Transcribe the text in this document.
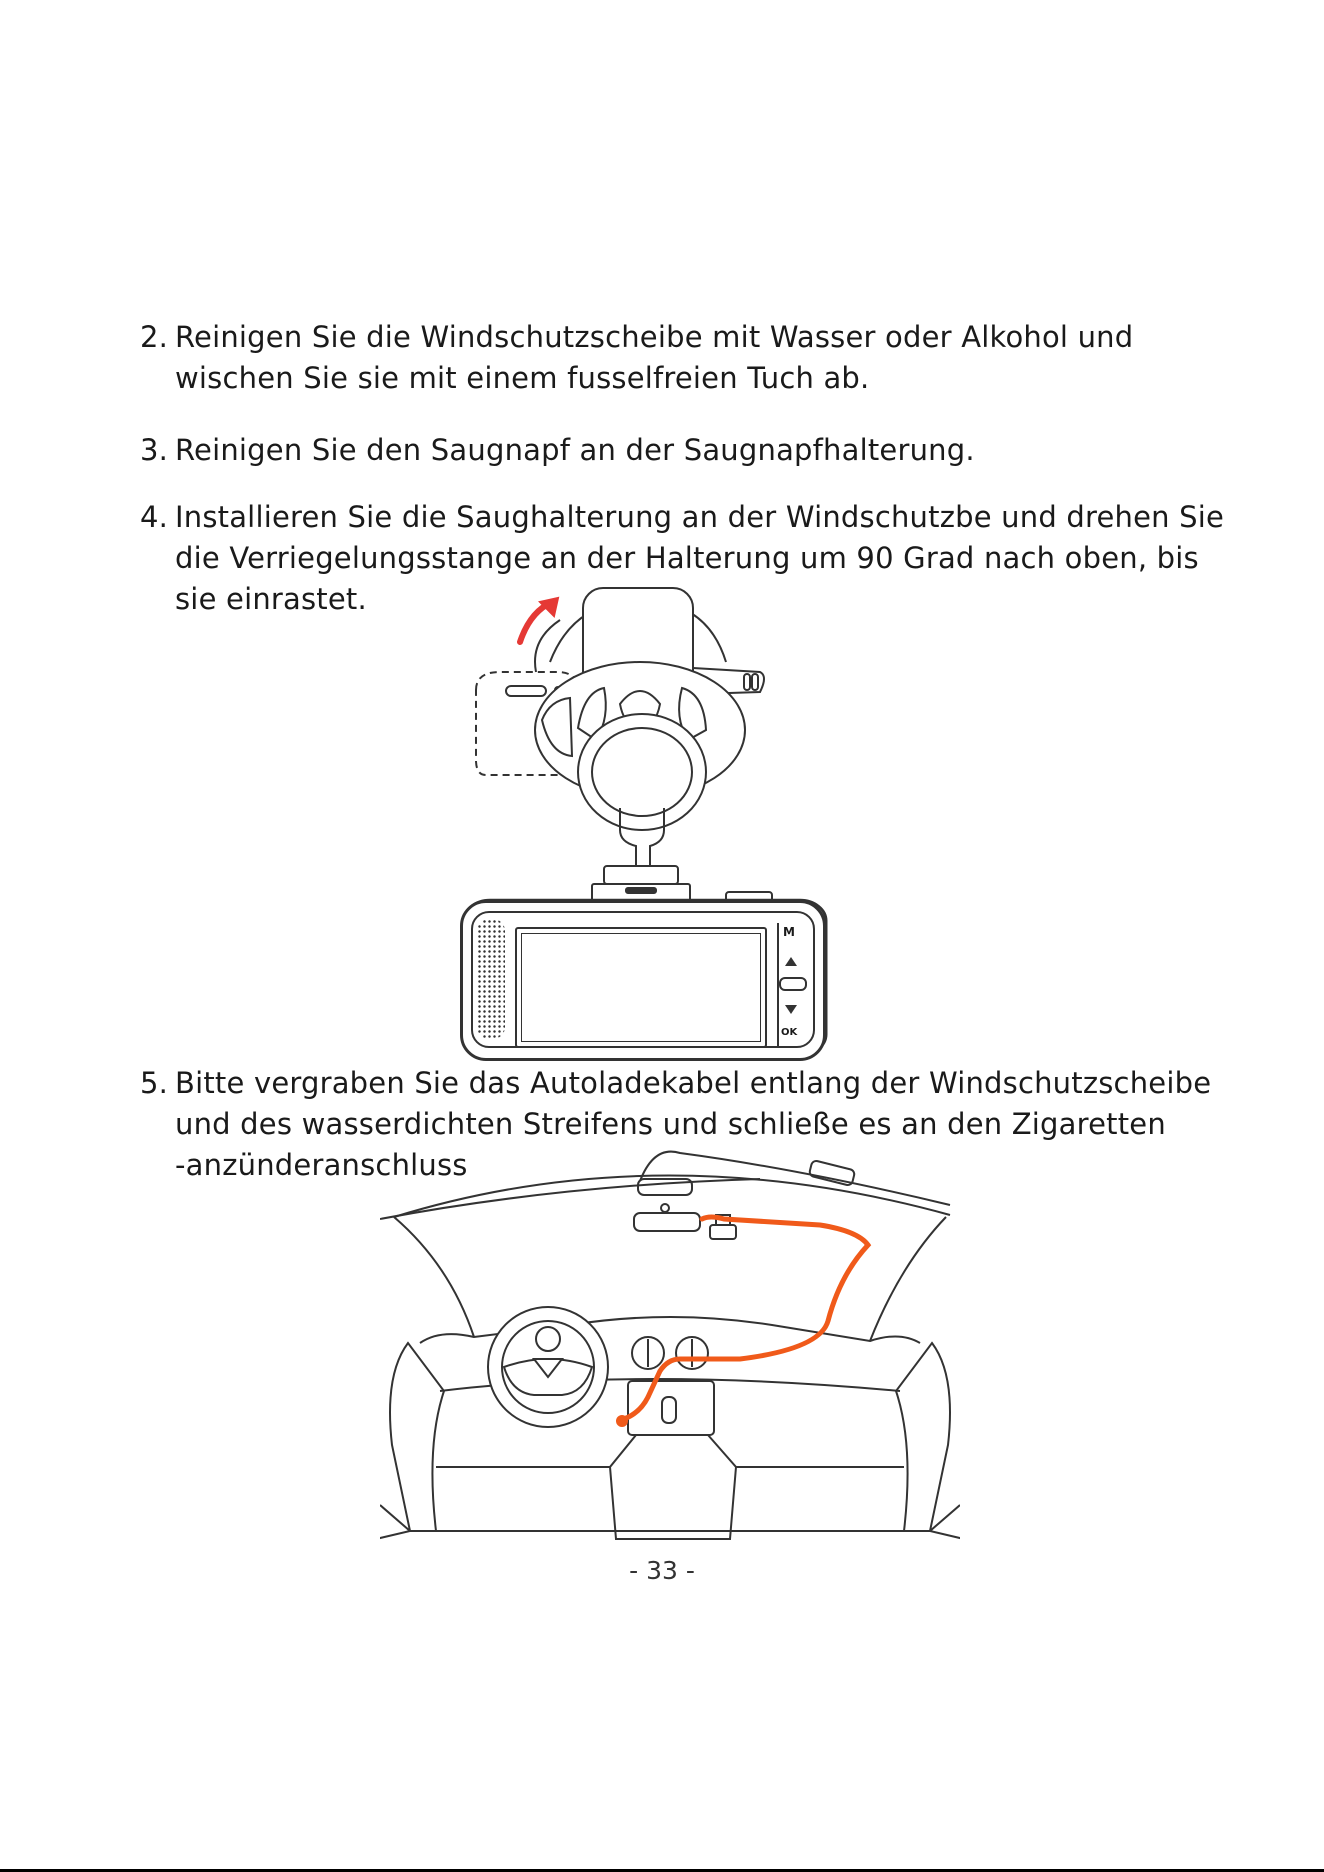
2. Reinigen Sie die Windschutzscheibe mit Wasser oder Alkohol und
wischen Sie sie mit einem fusselfreien Tuch ab.
3. Reinigen Sie den Saugnapf an der Saugnapfhalterung.
4. Installieren Sie die Saughalterung an der Windschutzbe und drehen Sie
die Verriegelungsstange an der Halterung um 90 Grad nach oben, bis
sie einrastet.
M
OK
5. Bitte vergraben Sie das Autoladekabel entlang der Windschutzscheibe
und des wasserdichten Streifens und schließe es an den Zigaretten
-anzünderanschluss
- 33 -
